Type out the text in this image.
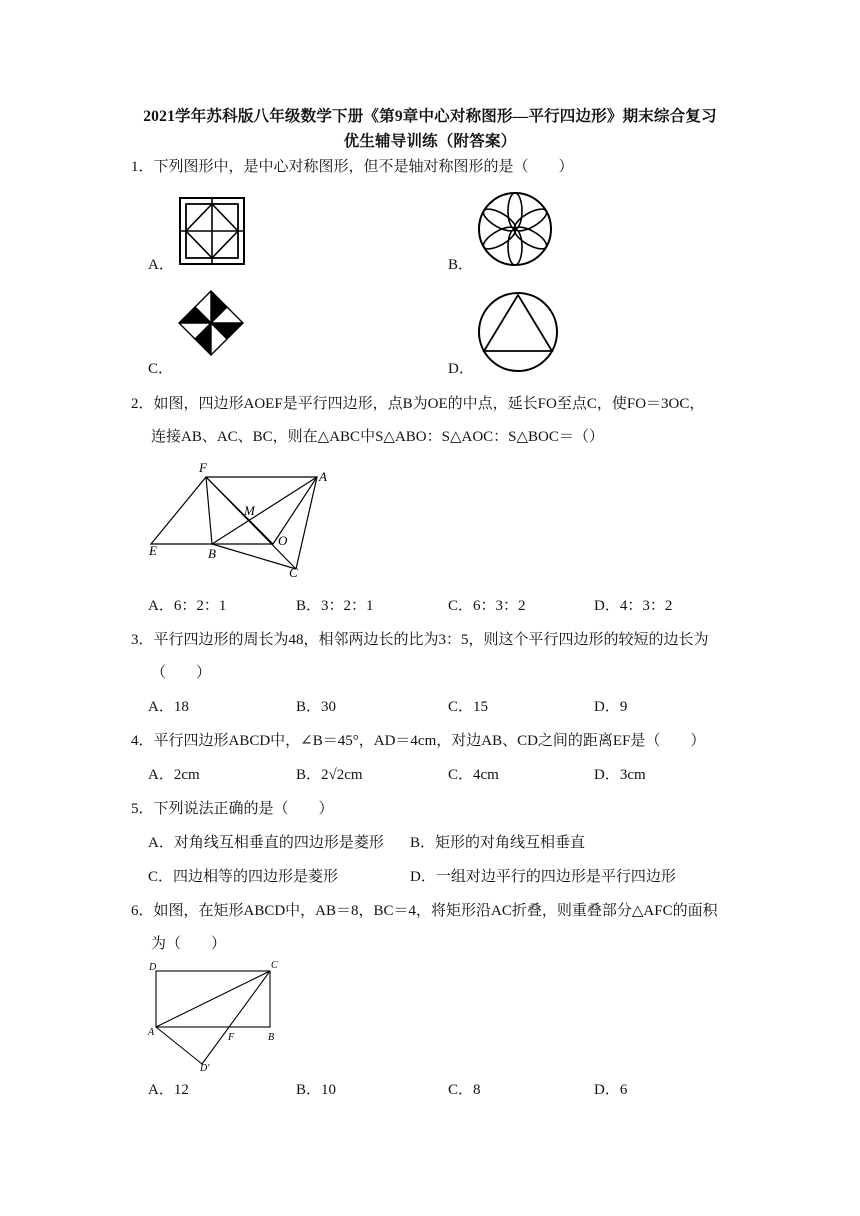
2021学年苏科版八年级数学下册《第9章中心对称图形—平行四边形》期末综合复习
优生辅导训练（附答案）
1．下列图形中，是中心对称图形，但不是轴对称图形的是（　　）
A．	B．
C．	D．
2．如图，四边形AOEF是平行四边形，点B为OE的中点，延长FO至点C，使FO＝3OC，
连接AB、AC、BC，则在△ABC中S△ABO：S△AOC：S△BOC＝（）
F
A
M
O
E	B
C
A．6：2：1	B．3：2：1	C．6：3：2	D．4：3：2
3．平行四边形的周长为48，相邻两边长的比为3：5，则这个平行四边形的较短的边长为
（　　）
A．18	B．30	C．15	D．9
4．平行四边形ABCD中，∠B＝45°，AD＝4cm，对边AB、CD之间的距离EF是（　　）
A．2cm	B．2√2cm	C．4cm	D．3cm
5．下列说法正确的是（　　）
A．对角线互相垂直的四边形是菱形 B．矩形的对角线互相垂直
C．四边相等的四边形是菱形	D．一组对边平行的四边形是平行四边形
6．如图，在矩形ABCD中，AB＝8，BC＝4，将矩形沿AC折叠，则重叠部分△AFC的面积
为（　　）
D	C
A	F	B
D′
A．12	B．10	C．8	D．6
